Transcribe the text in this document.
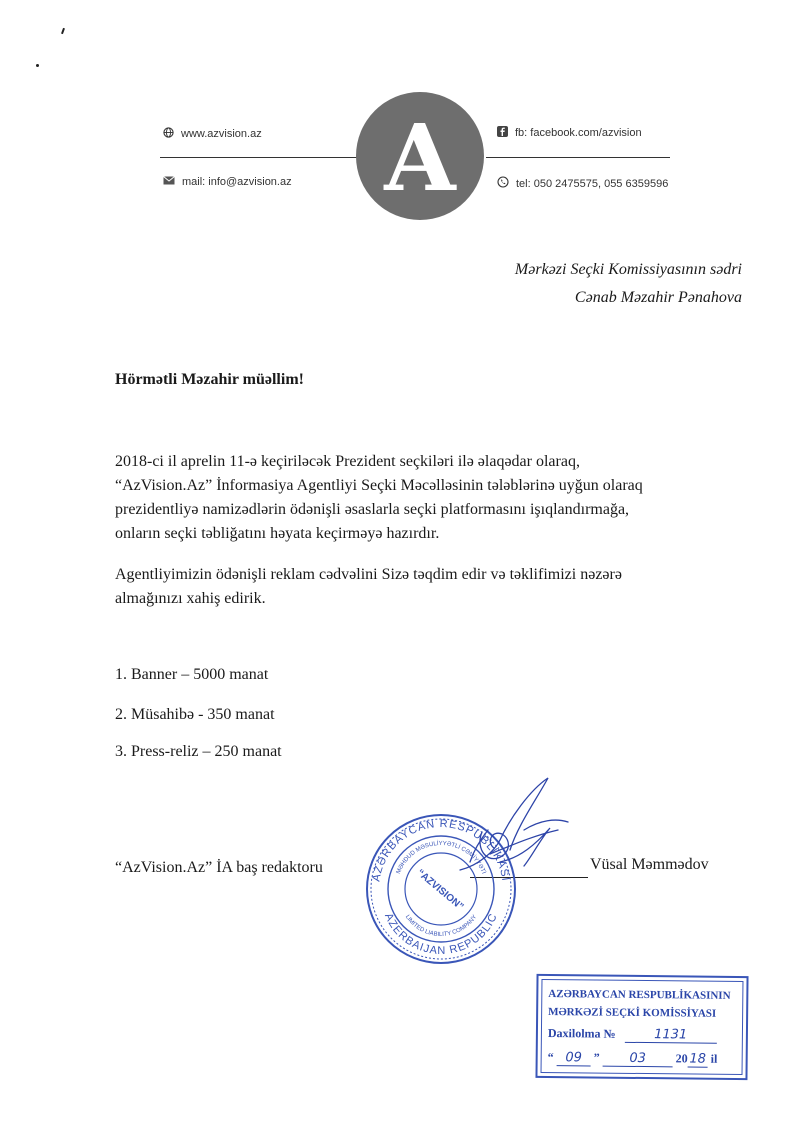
www.azvision.az
mail: info@azvision.az
fb: facebook.com/azvision
tel: 050 2475575, 055 6359596
A
Mərkəzi Seçki Komissiyasının sədri
Cənab Məzahir Pənahova
Hörmətli Məzahir müəllim!
2018-ci il aprelin 11-ə keçiriləcək Prezident seçkiləri ilə əlaqədar olaraq,
“AzVision.Az” İnformasiya Agentliyi Seçki Məcəlləsinin tələblərinə uyğun olaraq
prezidentliyə namizədlərin ödənişli əsaslarla seçki platformasını işıqlandırmağa,
onların seçki təbliğatını həyata keçirməyə hazırdır.
Agentliyimizin ödənişli reklam cədvəlini Sizə təqdim edir və təklifimizi nəzərə
almağınızı xahiş edirik.
1. Banner – 5000 manat
2. Müsahibə - 350 manat
3. Press-reliz – 250 manat
“AzVision.Az” İA baş redaktoru	Vüsal Məmmədov
AZƏRBAYCAN RESPUBLİKASI
AZERBAIJAN REPUBLIC
MƏHDUD MƏSULİYYƏTLİ CƏMİYYƏTİ
LIMITED LIABILITY COMPANY
“AZVISION”
AZƏRBAYCAN RESPUBLİKASININ
MƏRKƏZİ SEÇKİ KOMİSSİYASI
Daxilolma №	1131
“ 09 ” 03 20 18 il
